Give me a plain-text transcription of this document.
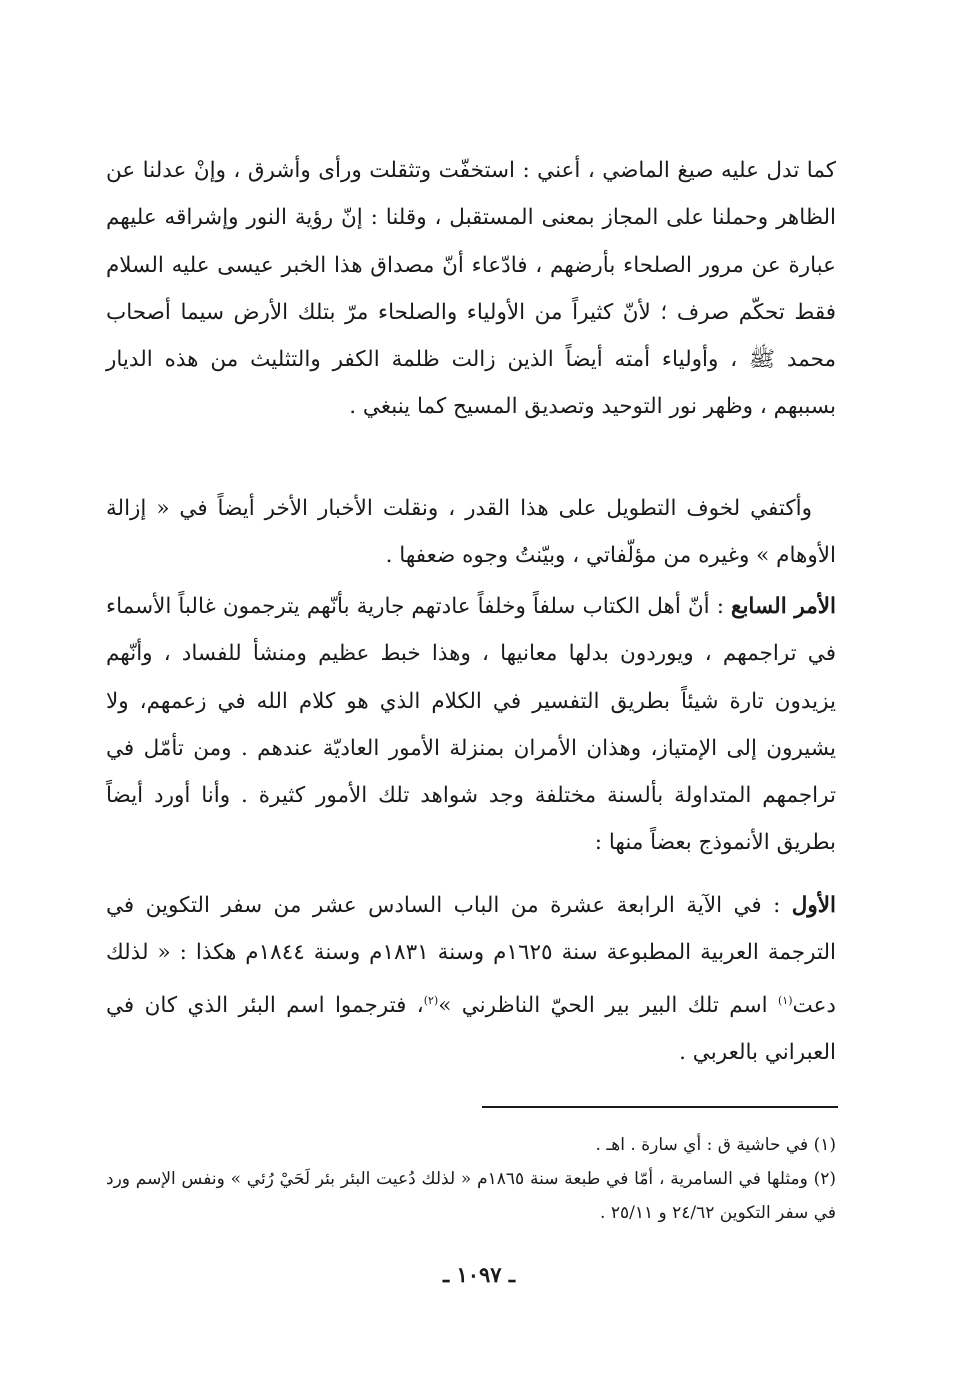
كما تدل عليه صيغ الماضي ، أعني : استخفّت وتثقلت ورأى وأشرق ، وإنْ عدلنا عن الظاهر وحملنا على المجاز بمعنى المستقبل ، وقلنا : إنّ رؤية النور وإشراقه عليهم عبارة عن مرور الصلحاء بأرضهم ، فادّعاء أنّ مصداق هذا الخبر عيسى عليه السلام فقط تحكّم صرف ؛ لأنّ كثيراً من الأولياء والصلحاء مرّ بتلك الأرض سيما أصحاب محمد ﷺ ، وأولياء أمته أيضاً الذين زالت ظلمة الكفر والتثليث من هذه الديار بسببهم ، وظهر نور التوحيد وتصديق المسيح كما ينبغي .

وأكتفي لخوف التطويل على هذا القدر ، ونقلت الأخبار الأخر أيضاً في « إزالة الأوهام » وغيره من مؤلّفاتي ، وبيّنتُ وجوه ضعفها .

الأمر السابع : أنّ أهل الكتاب سلفاً وخلفاً عادتهم جارية بأنّهم يترجمون غالباً الأسماء في تراجمهم ، ويوردون بدلها معانيها ، وهذا خبط عظيم ومنشأ للفساد ، وأنّهم يزيدون تارة شيئاً بطريق التفسير في الكلام الذي هو كلام الله في زعمهم، ولا يشيرون إلى الإمتياز، وهذان الأمران بمنزلة الأمور العاديّة عندهم . ومن تأمّل في تراجمهم المتداولة بألسنة مختلفة وجد شواهد تلك الأمور كثيرة . وأنا أورد أيضاً بطريق الأنموذج بعضاً منها :

الأول : في الآية الرابعة عشرة من الباب السادس عشر من سفر التكوين في الترجمة العربية المطبوعة سنة ١٦٢٥م وسنة ١٨٣١م وسنة ١٨٤٤م هكذا : « لذلك دعت$^{(١)}$ اسم تلك البير بير الحيّ الناظرني »$^{(٢)}$، فترجموا اسم البئر الذي كان في العبراني بالعربي .

(١) في حاشية ق : أي سارة . اهـ .

(٢) ومثلها في السامرية ، أمّا في طبعة سنة ١٨٦٥م « لذلك دُعيت البئر بئر لَحَيْ رُئي » ونفس الإسم ورد في سفر التكوين ٢٤/٦٢ و ٢٥/١١ .

ـ ١٠٩٧ ـ
